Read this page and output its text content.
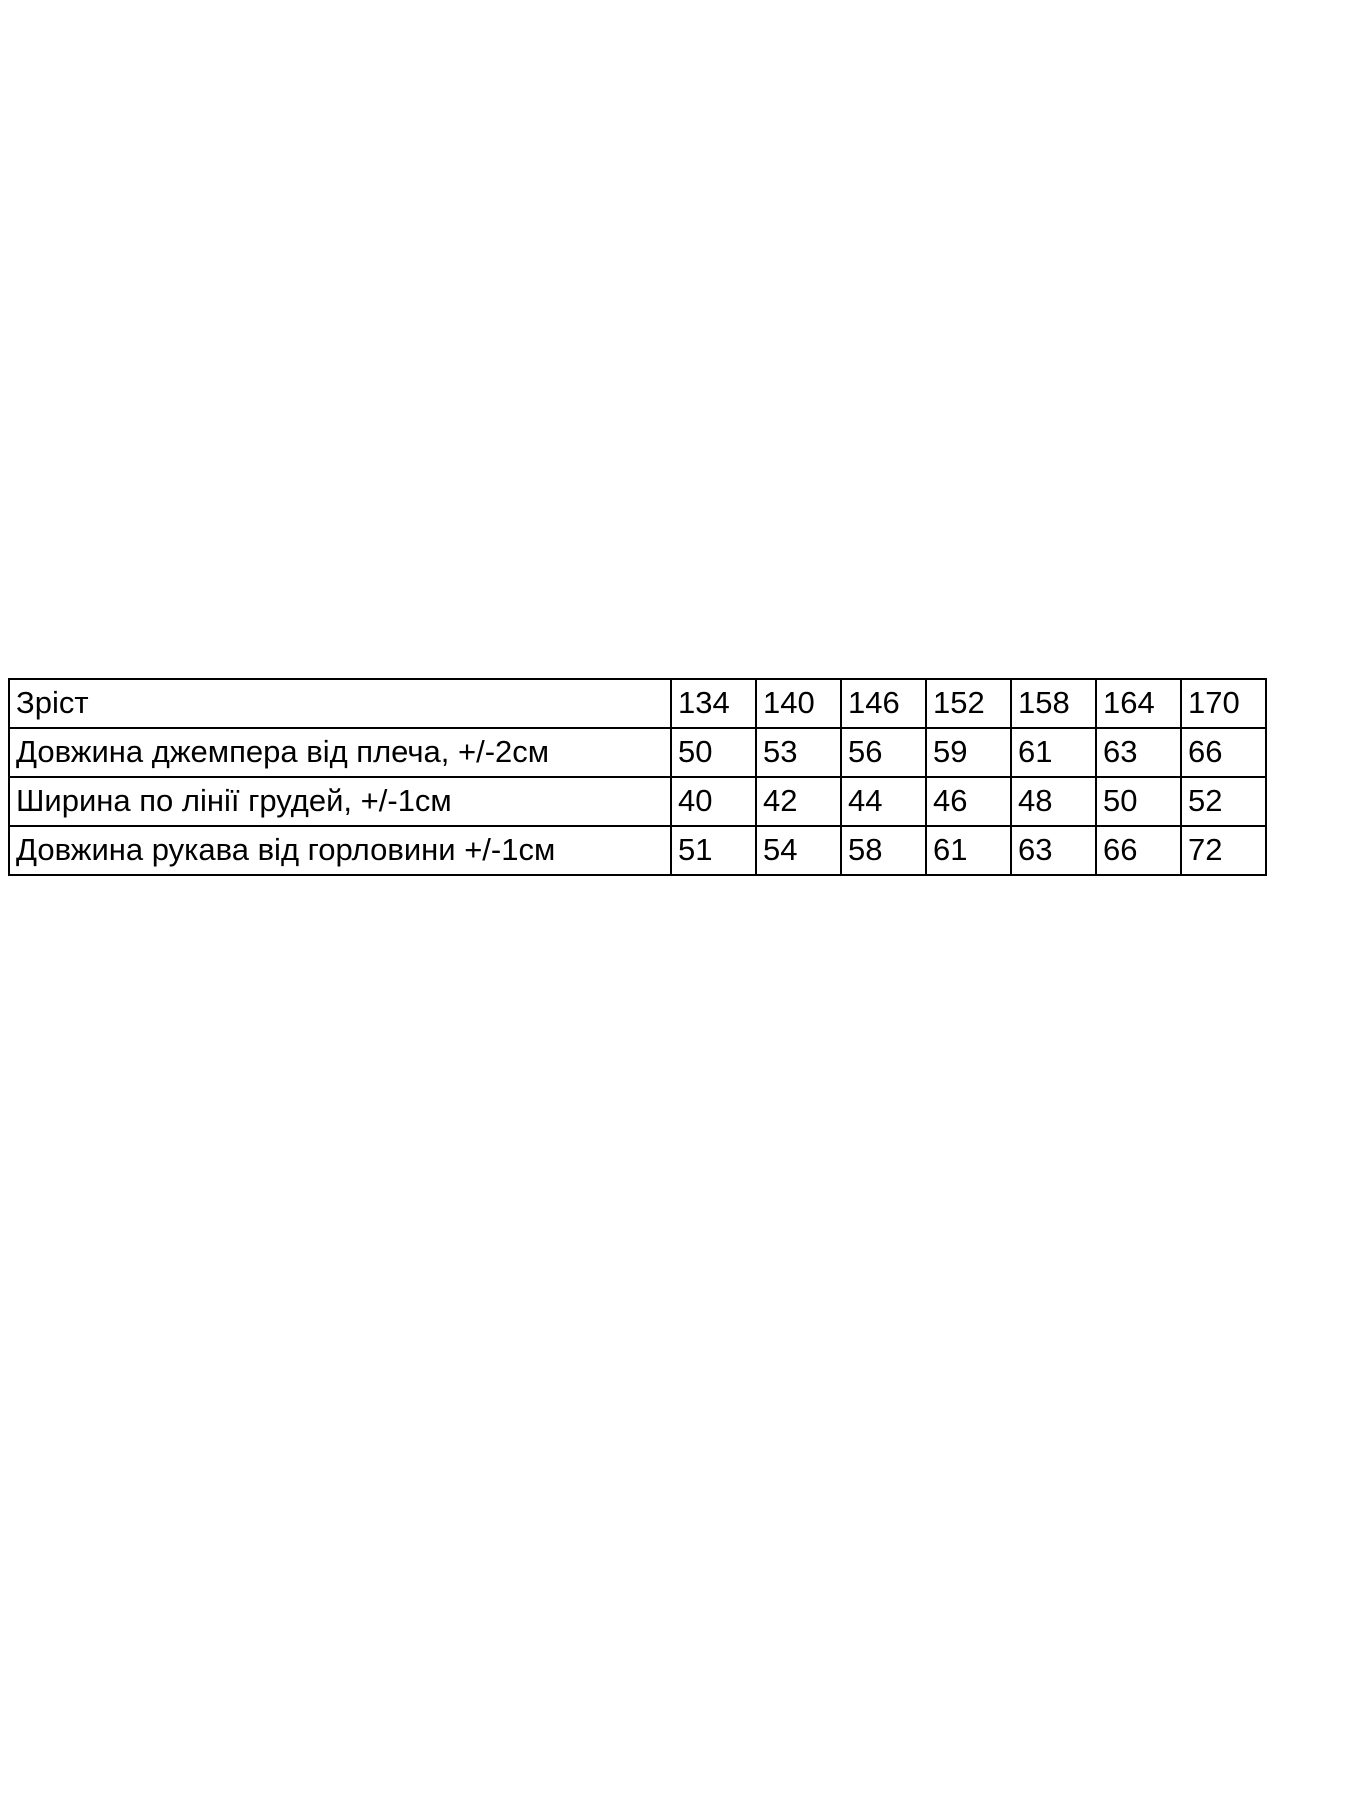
Зріст	134	140	146	152	158	164	170
Довжина джемпера від плеча, +/-2см	50	53	56	59	61	63	66
Ширина по лінії грудей, +/-1см	40	42	44	46	48	50	52
Довжина рукава від горловини +/-1см	51	54	58	61	63	66	72
